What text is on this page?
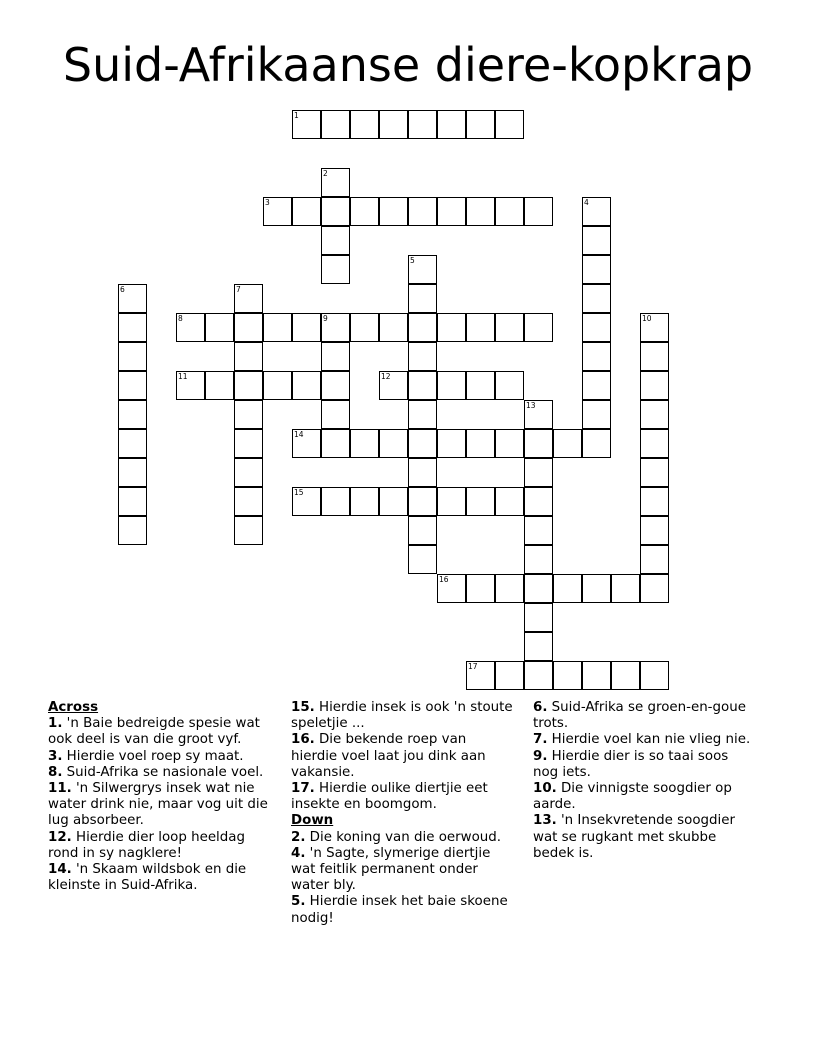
Suid-Afrikaanse diere-kopkrap
1
2
3	4
5
6	7
8	9	10
11	12
13
14
15
16
17
Across

1. 'n Baie bedreigde spesie wat ook deel is van die groot vyf.

3. Hierdie voel roep sy maat.

8. Suid-Afrika se nasionale voel.

11. 'n Silwergrys insek wat nie water drink nie, maar vog uit die lug absorbeer.

12. Hierdie dier loop heeldag rond in sy nagklere!

14. 'n Skaam wildsbok en die kleinste in Suid-Afrika.

15. Hierdie insek is ook 'n stoute speletjie ...

16. Die bekende roep van hierdie voel laat jou dink aan vakansie.

17. Hierdie oulike diertjie eet insekte en boomgom.

Down

2. Die koning van die oerwoud.

4. 'n Sagte, slymerige diertjie wat feitlik permanent onder water bly.

5. Hierdie insek het baie skoene nodig!

6. Suid-Afrika se groen-en-goue trots.

7. Hierdie voel kan nie vlieg nie.

9. Hierdie dier is so taai soos nog iets.

10. Die vinnigste soogdier op aarde.

13. 'n Insekvretende soogdier wat se rugkant met skubbe bedek is.
